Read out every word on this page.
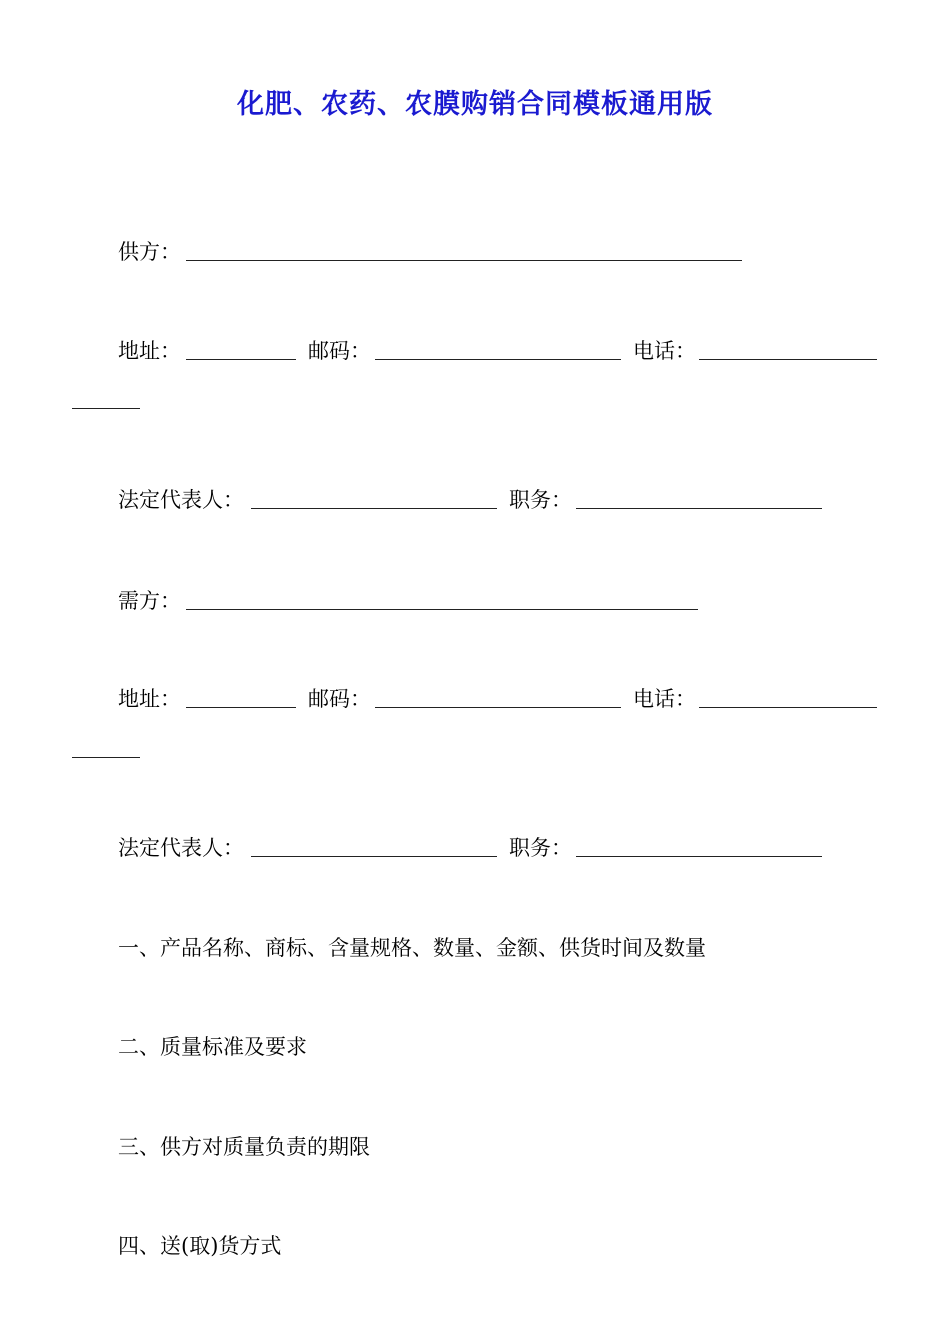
化肥、农药、农膜购销合同模板通用版
供方：
地址：	邮码：	电话：
法定代表人：	职务：
需方：
地址：	邮码：	电话：
法定代表人：	职务：
一、产品名称、商标、含量规格、数量、金额、供货时间及数量
二、质量标准及要求
三、供方对质量负责的期限
四、送(取)货方式
